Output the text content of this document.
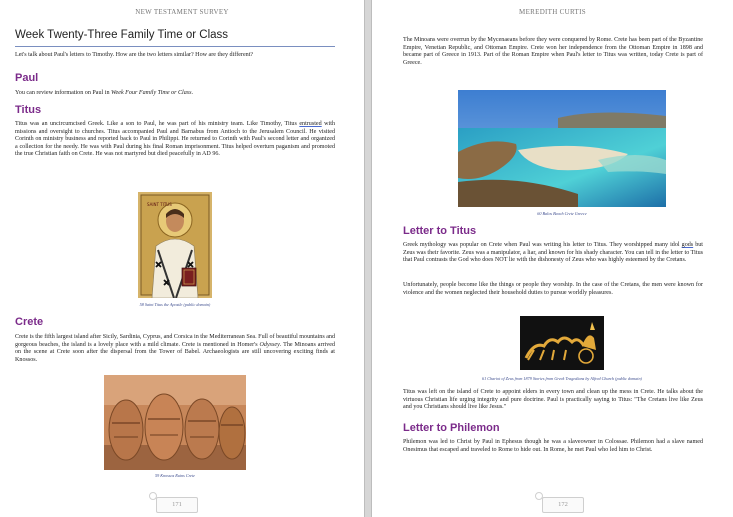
NEW TESTAMENT SURVEY
Week Twenty-Three Family Time or Class

Let's talk about Paul's letters to Timothy. How are the two letters similar? How are they different?

Paul

You can review information on Paul in Week Four Family Time or Class.

Titus

Titus was an uncircumcised Greek. Like a son to Paul, he was part of his ministry team. Like Timothy, Titus entrusted with missions and oversight to churches. Titus accompanied Paul and Barnabus from Antioch to the Jerusalem Council. He visited Corinth on ministry business and reported back to Paul in Philippi. He returned to Corinth with Paul's second letter and organized a collection for the needy. He was with Paul during his final Roman imprisonment. Titus helped overturn paganism and promoted the true Christian faith on Crete. He was not martyred but died peacefully in AD 96.

SAINT TITUS
58 Saint Titus the Apostle (public domain)
Crete

Crete is the fifth largest island after Sicily, Sardinia, Cyprus, and Corsica in the Mediterranean Sea. Full of beautiful mountains and gorgeous beaches, the island is a lovely place with a mild climate. Crete is mentioned in Homer's Odyssey. The Minoans arrived on the scene at Crete soon after the dispersal from the Tower of Babel. Archaeologists are still uncovering exciting finds at Knossos.

59 Knossos Ruins Crete
171
MEREDITH CURTIS

The Minoans were overrun by the Mycenaeans before they were conquered by Rome. Crete has been part of the Byzantine Empire, Venetian Republic, and Ottoman Empire. Crete won her independence from the Ottoman Empire in 1898 and became part of Greece in 1913. Part of the Roman Empire when Paul's letter to Titus was written, today Crete is part of Greece.

60 Balos Beach Crete Greece
Letter to Titus

Greek mythology was popular on Crete when Paul was writing his letter to Titus. They worshipped many idol gods but Zeus was their favorite. Zeus was a manipulator, a liar, and known for his shady character. You can tell in the letter to Titus that Paul contrasts the God who does NOT lie with the dishonesty of Zeus who was highly esteemed by the Cretans.

Unfortunately, people become like the things or people they worship. In the case of the Cretans, the men were known for violence and the women neglected their household duties to pursue worldly pleasures.

61 Chariot of Zeus from 1879 Stories from Greek Tragedians by Alfred Church (public domain)

Titus was left on the island of Crete to appoint elders in every town and clean up the mess in Crete. He talks about the virtuous Christian life urging integrity and pure doctrine. Paul is practically saying to Titus: "The Cretans live like Zeus and you Christians should live like Jesus."

Letter to Philemon

Philemon was led to Christ by Paul in Ephesus though he was a slaveowner in Colossae. Philemon had a slave named Onesimus that escaped and traveled to Rome to hide out. In Rome, he met Paul who led him to Christ.

172
